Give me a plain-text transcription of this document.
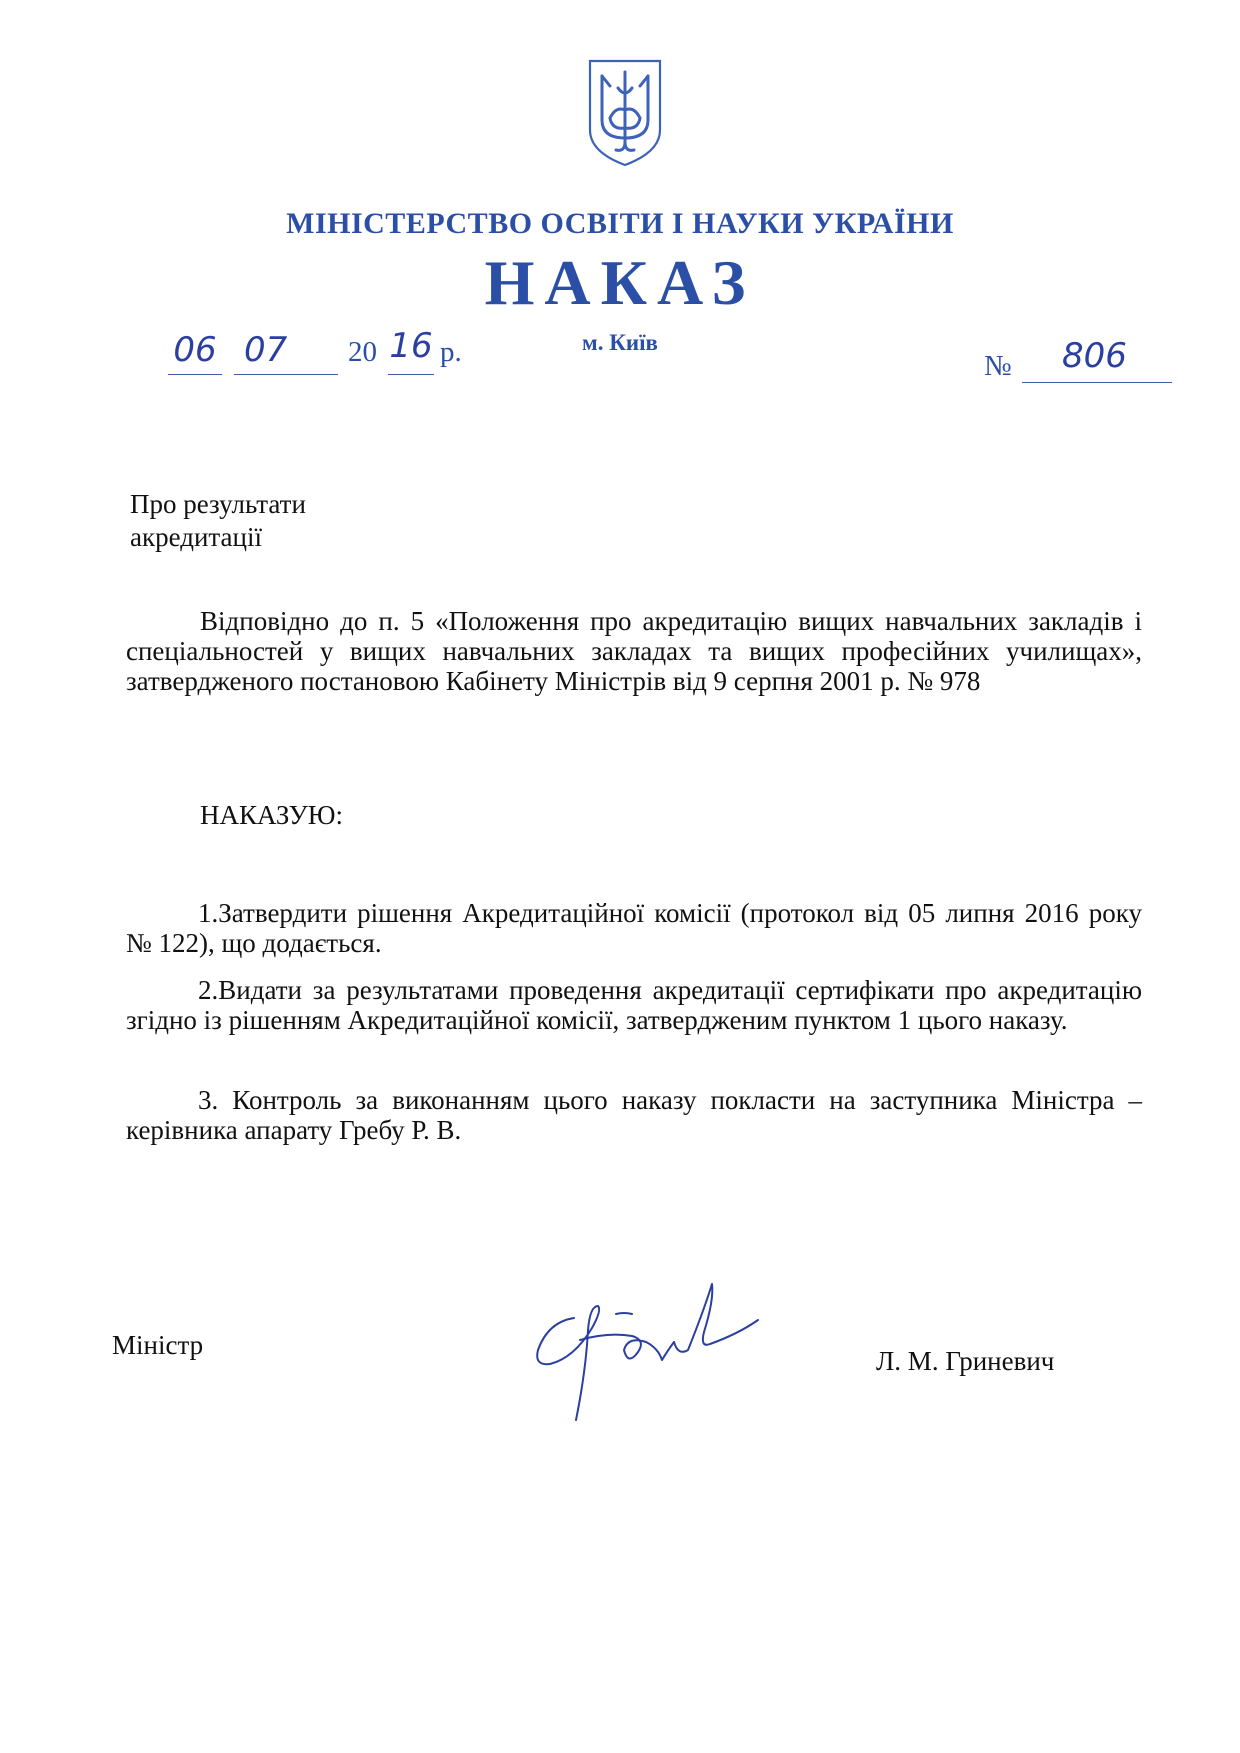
МІНІСТЕРСТВО ОСВІТИ І НАУКИ УКРАЇНИ
НАКАЗ
м. Київ
06 07 20 16 р.	№ 806
Про результати
акредитації
Відповідно до п. 5 «Положення про акредитацію вищих навчальних закладів і спеціальностей у вищих навчальних закладах та вищих професійних училищах», затвердженого постановою Кабінету Міністрів від 9 серпня 2001 р. № 978
НАКАЗУЮ:
1.Затвердити рішення Акредитаційної комісії (протокол від 05 липня 2016 року № 122), що додається.
2.Видати за результатами проведення акредитації сертифікати про акредитацію згідно із рішенням Акредитаційної комісії, затвердженим пунктом 1 цього наказу.
3. Контроль за виконанням цього наказу покласти на заступника Міністра – керівника апарату Гребу Р. В.
Міністр
Л. М. Гриневич
